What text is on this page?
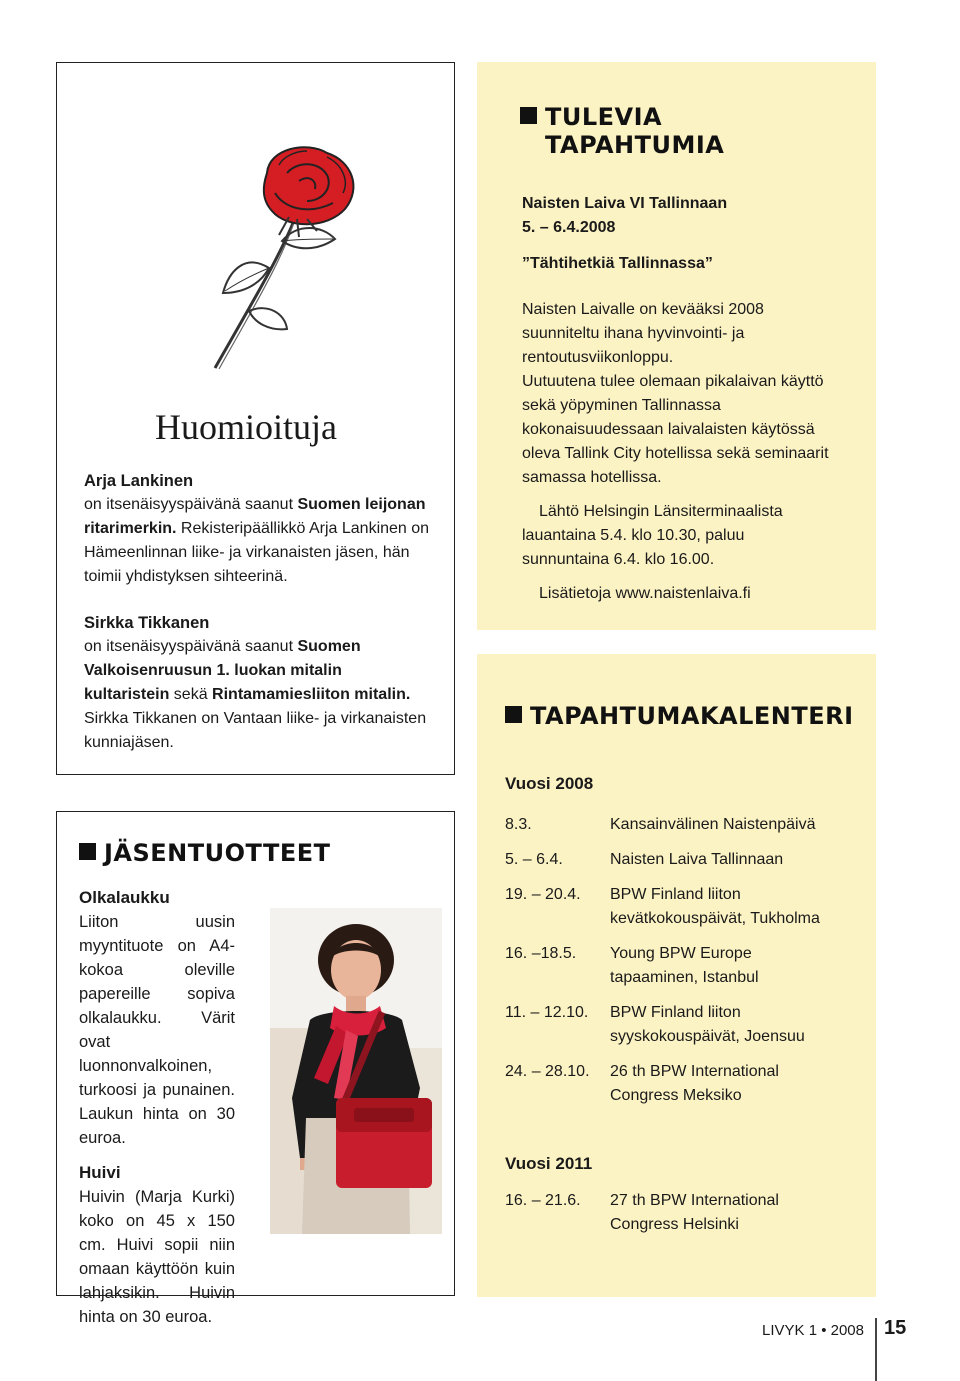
Huomioituja

Arja Lankinen

on itsenäisyyspäivänä saanut Suomen leijonan ritarimerkin. Rekisteripäällikkö Arja Lankinen on Hämeenlinnan liike- ja virkanaisten jäsen, hän toimii yhdistyksen sihteerinä.

Sirkka Tikkanen

on itsenäisyyspäivänä saanut Suomen Valkoisenruusun 1. luokan mitalin kultaristein sekä Rintamamiesliiton mitalin. Sirkka Tikkanen on Vantaan liike- ja virkanaisten kunniajäsen.

TULEVIA
TAPAHTUMIA

Naisten Laiva VI Tallinnaan

5. – 6.4.2008

”Tähtihetkiä Tallinnassa”

Naisten Laivalle on kevääksi 2008 suunniteltu ihana hyvinvointi- ja rentoutusviikonloppu.

Uutuutena tulee olemaan pikalaivan käyttö sekä yöpyminen Tallinnassa kokonaisuudessaan laivalaisten käytössä oleva Tallink City hotellissa sekä seminaarit samassa hotellissa.

Lähtö Helsingin Länsiterminaalista lauantaina 5.4. klo 10.30, paluu sunnuntaina 6.4. klo 16.00.

Lisätietoja www.naistenlaiva.fi

TAPAHTUMAKALENTERI

Vuosi 2008

8.3.	Kansainvälinen Naistenpäivä
5. – 6.4.	Naisten Laiva Tallinnaan
19. – 20.4.	BPW Finland liiton
kevätkokouspäivät, Tukholma
16. –18.5.	Young BPW Europe
tapaaminen, Istanbul
11. – 12.10.	BPW Finland liiton
syyskokouspäivät, Joensuu
24. – 28.10.	26 th BPW International
Congress Meksiko

Vuosi 2011

16. – 21.6.	27 th BPW International
Congress Helsinki
JÄSENTUOTTEET

Olkalaukku

Liiton uusin myyntituote on A4-kokoa oleville papereille sopiva olkalaukku. Värit ovat luonnonvalkoinen, turkoosi ja punainen. Laukun hinta on 30 euroa.

Huivi

Huivin (Marja Kurki) koko on 45 x 150 cm. Huivi sopii niin omaan käyttöön kuin lahjaksikin. Huivin hinta on 30 euroa.

LIVYK 1 • 2008 15
